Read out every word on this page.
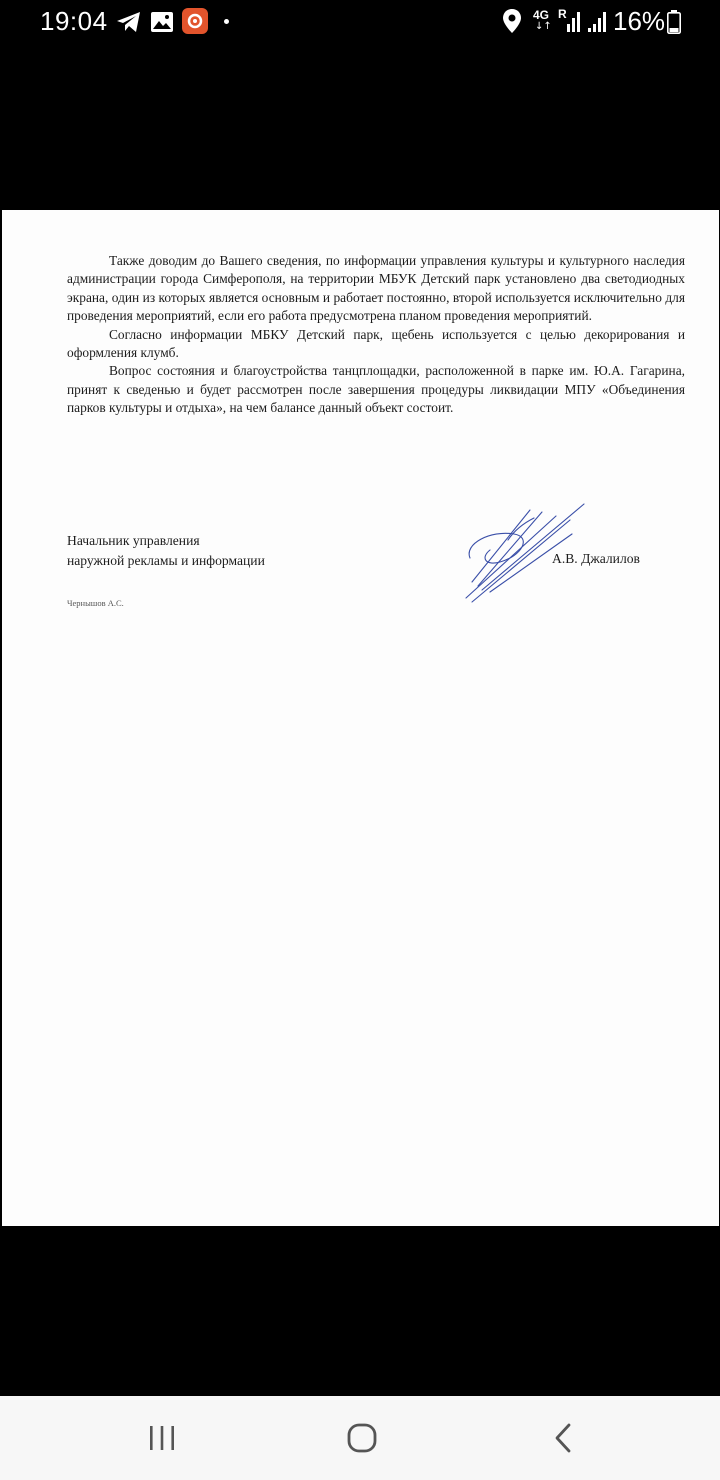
19:04	4G
↓↑
R 16%

Также доводим до Вашего сведения, по информации управления культуры и культурного наследия администрации города Симферополя, на территории МБУК Детский парк установлено два светодиодных экрана, один из которых является основным и работает постоянно, второй используется исключительно для проведения мероприятий, если его работа предусмотрена планом проведения мероприятий.

Согласно информации МБКУ Детский парк, щебень используется с целью декорирования и оформления клумб.

Вопрос состояния и благоустройства танцплощадки, расположенной в парке им. Ю.А. Гагарина, принят к сведенью и будет рассмотрен после завершения процедуры ликвидации МПУ «Объединения парков культуры и отдыха», на чем балансе данный объект состоит.

Начальник управления
наружной рекламы и информации	А.В. Джалилов
Чернышов А.С.
